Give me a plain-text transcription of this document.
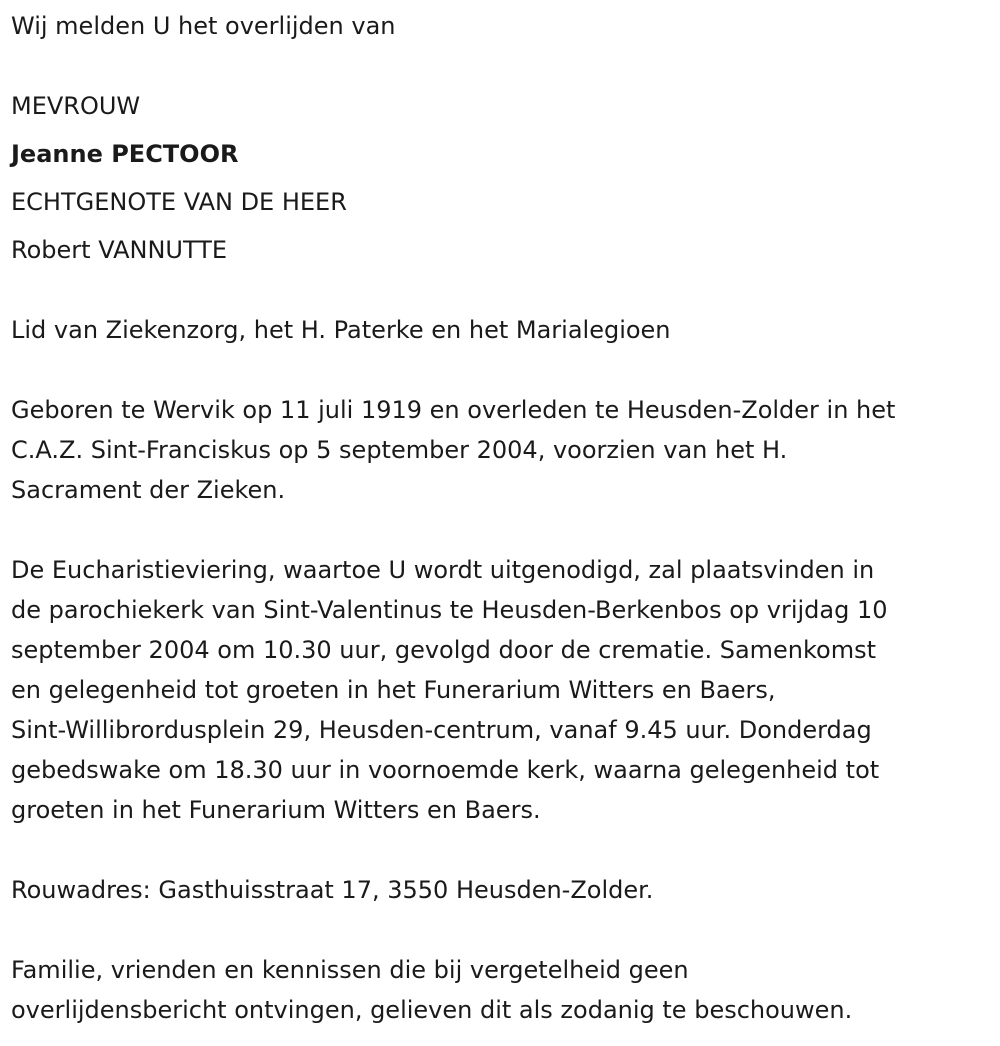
Wij melden U het overlijden van

MEVROUW

Jeanne PECTOOR

ECHTGENOTE VAN DE HEER

Robert VANNUTTE

Lid van Ziekenzorg, het H. Paterke en het Marialegioen

Geboren te Wervik op 11 juli 1919 en overleden te Heusden-Zolder in het

C.A.Z. Sint-Franciskus op 5 september 2004, voorzien van het H.

Sacrament der Zieken.

De Eucharistieviering, waartoe U wordt uitgenodigd, zal plaatsvinden in

de parochiekerk van Sint-Valentinus te Heusden-Berkenbos op vrijdag 10

september 2004 om 10.30 uur, gevolgd door de crematie. Samenkomst

en gelegenheid tot groeten in het Funerarium Witters en Baers,

Sint-Willibrordusplein 29, Heusden-centrum, vanaf 9.45 uur. Donderdag

gebedswake om 18.30 uur in voornoemde kerk, waarna gelegenheid tot

groeten in het Funerarium Witters en Baers.

Rouwadres: Gasthuisstraat 17, 3550 Heusden-Zolder.

Familie, vrienden en kennissen die bij vergetelheid geen

overlijdensbericht ontvingen, gelieven dit als zodanig te beschouwen.
